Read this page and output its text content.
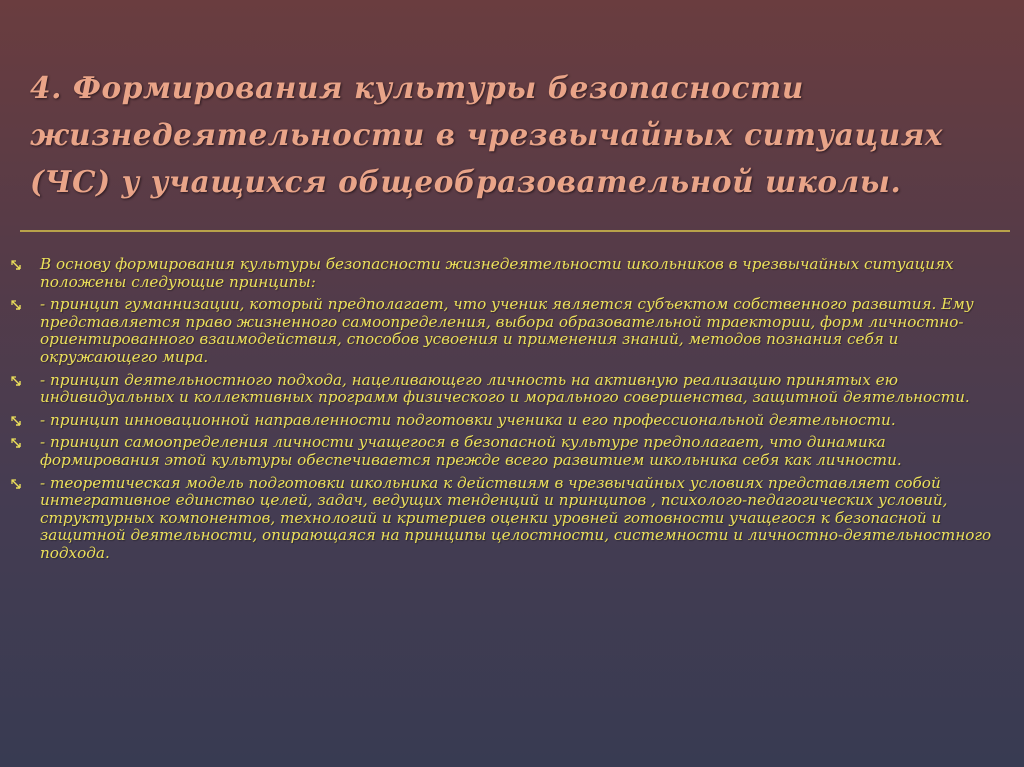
4. Формирования культуры безопасности жизнедеятельности в чрезвычайных ситуациях (ЧС) у учащихся общеобразовательной школы.
В основу формирования культуры безопасности жизнедеятельности школьников в чрезвычайных ситуациях положены следующие принципы:
- принцип гуманнизации, который предполагает, что ученик является субъектом собственного развития. Ему представляется право жизненного самоопределения, выбора образовательной траектории, форм личностно-ориентированного взаимодействия, способов усвоения и применения знаний, методов познания себя и окружающего мира.
- принцип деятельностного подхода, нацеливающего личность на активную реализацию принятых ею индивидуальных и коллективных программ физического и морального совершенства, защитной деятельности.
- принцип инновационной направленности подготовки ученика и его профессиональной деятельности.
- принцип самоопределения личности учащегося в безопасной культуре предполагает, что динамика формирования этой культуры обеспечивается прежде всего развитием школьника себя как личности.
- теоретическая модель подготовки школьника к действиям в чрезвычайных условиях представляет собой интегративное единство целей, задач, ведущих тенденций и принципов , психолого-педагогических условий, структурных компонентов, технологий и критериев оценки уровней готовности учащегося к безопасной и защитной деятельности, опирающаяся на принципы целостности, системности и личностно-деятельностного подхода.
